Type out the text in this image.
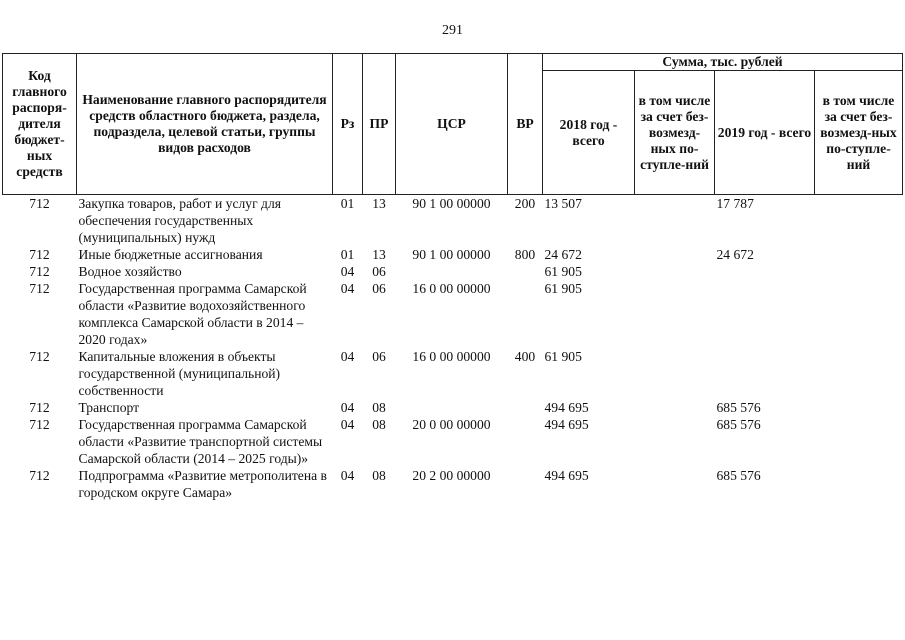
291
Код главного распоря-дителя бюджет-ных средств	Наименование главного распорядителя средств областного бюджета, раздела, подраздела, целевой статьи, группы видов расходов	Рз	ПР	ЦСР	ВР	Сумма, тыс. рублей			
						2018 год - всего	в том числе за счет без-возмезд-ных по-ступле-ний	2019 год - всего	в том числе за счет без-возмезд-ных по-ступле-ний
712	Закупка товаров, работ и услуг для обеспечения государственных (муниципальных) нужд	01	13	90 1 00 00000	200	13 507		17 787	
712	Иные бюджетные ассигнования	01	13	90 1 00 00000	800	24 672		24 672	
712	Водное хозяйство	04	06			61 905			
712	Государственная программа Самарской области «Развитие водохозяйственного комплекса Самарской области в 2014 – 2020 годах»	04	06	16 0 00 00000		61 905			
712	Капитальные вложения в объекты государственной (муниципальной) собственности	04	06	16 0 00 00000	400	61 905			
712	Транспорт	04	08			494 695		685 576	
712	Государственная программа Самарской области «Развитие транспортной системы Самарской области (2014 – 2025 годы)»	04	08	20 0 00 00000		494 695		685 576	
712	Подпрограмма «Развитие метрополитена в городском округе Самара»	04	08	20 2 00 00000		494 695		685 576	
